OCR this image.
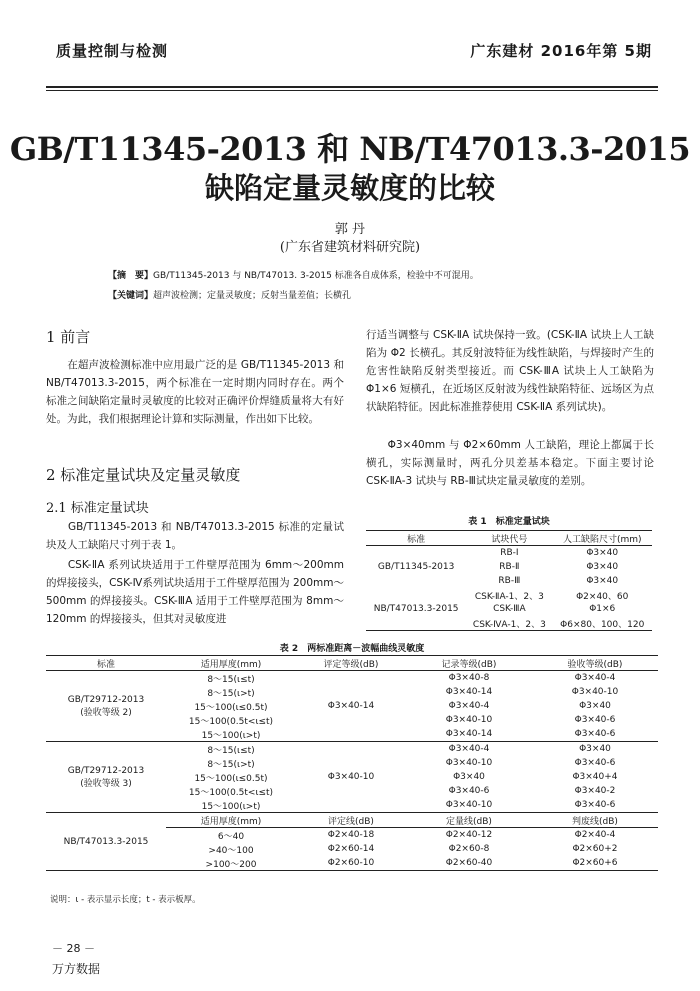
质量控制与检测	广东建材 2016年第 5期
GB/T11345-2013 和 NB/T47013.3-2015
缺陷定量灵敏度的比较
郭 丹
(广东省建筑材料研究院)
【摘　要】GB/T11345-2013 与 NB/T47013. 3-2015 标准各自成体系，检验中不可混用。
【关键词】超声波检测；定量灵敏度；反射当量差值；长横孔
1 前言
　　在超声波检测标准中应用最广泛的是 GB/T11345-2013 和 NB/T47013.3-2015，两个标准在一定时期内同时存在。两个标准之间缺陷定量时灵敏度的比较对正确评价焊缝质量将大有好处。为此，我们根据理论计算和实际测量，作出如下比较。
2 标准定量试块及定量灵敏度
2.1 标准定量试块
　　GB/T11345-2013 和 NB/T47013.3-2015 标准的定量试块及人工缺陷尺寸列于表 1。
　　CSK-ⅡA 系列试块适用于工件壁厚范围为 6mm～200mm 的焊接接头，CSK-Ⅳ系列试块适用于工件壁厚范围为 200mm～500mm 的焊接接头。CSK-ⅢA 适用于工件壁厚范围为 8mm～120mm 的焊接接头，但其对灵敏度进
行适当调整与 CSK-ⅡA 试块保持一致。(CSK-ⅡA 试块上人工缺陷为 Φ2 长横孔。其反射波特征为线性缺陷，与焊接时产生的危害性缺陷反射类型接近。而 CSK-ⅢA 试块上人工缺陷为 Φ1×6 短横孔，在近场区反射波为线性缺陷特征、远场区为点状缺陷特征。因此标准推荐使用 CSK-ⅡA 系列试块)。
　　Φ3×40mm 与 Φ2×60mm 人工缺陷，理论上都属于长横孔，实际测量时，两孔分贝差基本稳定。下面主要讨论 CSK-ⅡA-3 试块与 RB-Ⅲ试块定量灵敏度的差别。
表 1　标准定量试块
标准	试块代号	人工缺陷尺寸(mm)
GB/T11345-2013	RB-Ⅰ	Φ3×40
	RB-Ⅱ	Φ3×40
	RB-Ⅲ	Φ3×40
NB/T47013.3-2015	CSK-ⅡA-1、2、3	Φ2×40、60
	CSK-ⅢA	Φ1×6
	CSK-ⅣA-1、2、3	Φ6×80、100、120
表 2　两标准距离－波幅曲线灵敏度
标准	适用厚度(mm)	评定等级(dB)	记录等级(dB)	验收等级(dB)

GB/T29712-2013
(验收等级 2)	8～15(ι≤t)	Φ3×40-14	Φ3×40-8	Φ3×40-4
	8～15(ι>t)		Φ3×40-14	Φ3×40-10
	15～100(ι≤0.5t)		Φ3×40-4	Φ3×40
	15～100(0.5t<ι≤t)		Φ3×40-10	Φ3×40-6
	15～100(ι>t)		Φ3×40-14	Φ3×40-6

GB/T29712-2013
(验收等级 3)	8～15(ι≤t)	Φ3×40-10	Φ3×40-4	Φ3×40
	8～15(ι>t)		Φ3×40-10	Φ3×40-6
	15～100(ι≤0.5t)		Φ3×40	Φ3×40+4
	15～100(0.5t<ι≤t)		Φ3×40-6	Φ3×40-2
	15～100(ι>t)		Φ3×40-10	Φ3×40-6
NB/T47013.3-2015	适用厚度(mm)	评定线(dB)	定量线(dB)	判废线(dB)
	6～40	Φ2×40-18	Φ2×40-12	Φ2×40-4
	>40～100	Φ2×60-14	Φ2×60-8	Φ2×60+2
	>100～200	Φ2×60-10	Φ2×60-40	Φ2×60+6
说明：ι - 表示显示长度；t - 表示板厚。
－ 28 －
万方数据
